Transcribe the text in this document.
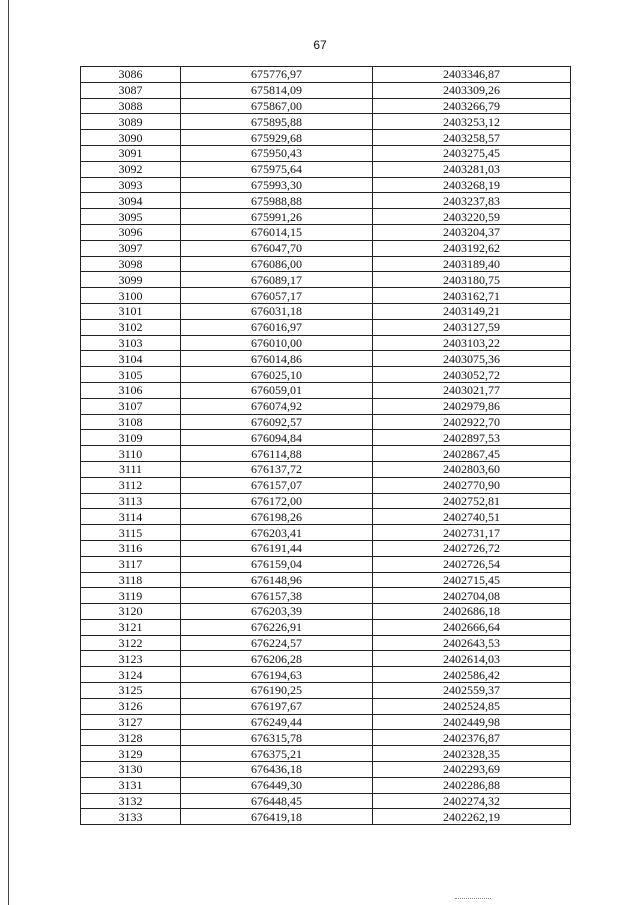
67
3086	675776,97	2403346,87
3087	675814,09	2403309,26
3088	675867,00	2403266,79
3089	675895,88	2403253,12
3090	675929,68	2403258,57
3091	675950,43	2403275,45
3092	675975,64	2403281,03
3093	675993,30	2403268,19
3094	675988,88	2403237,83
3095	675991,26	2403220,59
3096	676014,15	2403204,37
3097	676047,70	2403192,62
3098	676086,00	2403189,40
3099	676089,17	2403180,75
3100	676057,17	2403162,71
3101	676031,18	2403149,21
3102	676016,97	2403127,59
3103	676010,00	2403103,22
3104	676014,86	2403075,36
3105	676025,10	2403052,72
3106	676059,01	2403021,77
3107	676074,92	2402979,86
3108	676092,57	2402922,70
3109	676094,84	2402897,53
3110	676114,88	2402867,45
3111	676137,72	2402803,60
3112	676157,07	2402770,90
3113	676172,00	2402752,81
3114	676198,26	2402740,51
3115	676203,41	2402731,17
3116	676191,44	2402726,72
3117	676159,04	2402726,54
3118	676148,96	2402715,45
3119	676157,38	2402704,08
3120	676203,39	2402686,18
3121	676226,91	2402666,64
3122	676224,57	2402643,53
3123	676206,28	2402614,03
3124	676194,63	2402586,42
3125	676190,25	2402559,37
3126	676197,67	2402524,85
3127	676249,44	2402449,98
3128	676315,78	2402376,87
3129	676375,21	2402328,35
3130	676436,18	2402293,69
3131	676449,30	2402286,88
3132	676448,45	2402274,32
3133	676419,18	2402262,19
